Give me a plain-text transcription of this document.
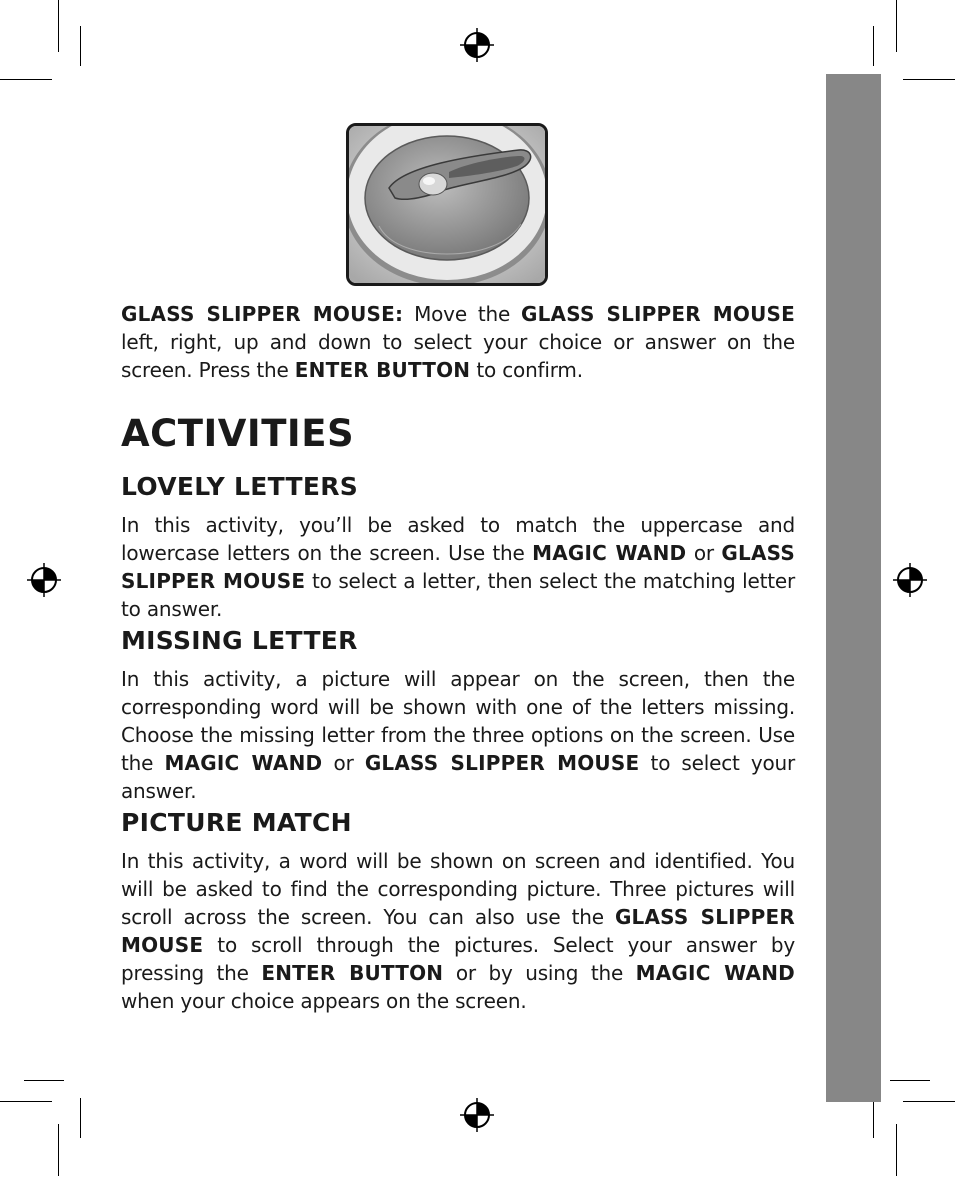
GLASS SLIPPER MOUSE: Move the GLASS SLIPPER MOUSE left, right, up and down to select your choice or answer on the screen. Press the ENTER BUTTON to confirm.

ACTIVITIES
LOVELY LETTERS

In this activity, you’ll be asked to match the uppercase and lowercase letters on the screen. Use the MAGIC WAND or GLASS SLIPPER MOUSE to select a letter, then select the matching letter to answer.

MISSING LETTER

In this activity, a picture will appear on the screen, then the corresponding word will be shown with one of the letters missing. Choose the missing letter from the three options on the screen. Use the MAGIC WAND or GLASS SLIPPER MOUSE to select your answer.

PICTURE MATCH

In this activity, a word will be shown on screen and identified. You will be asked to find the corresponding picture. Three pictures will scroll across the screen. You can also use the GLASS SLIPPER MOUSE to scroll through the pictures. Select your answer by pressing the ENTER BUTTON or by using the MAGIC WAND when your choice appears on the screen.
